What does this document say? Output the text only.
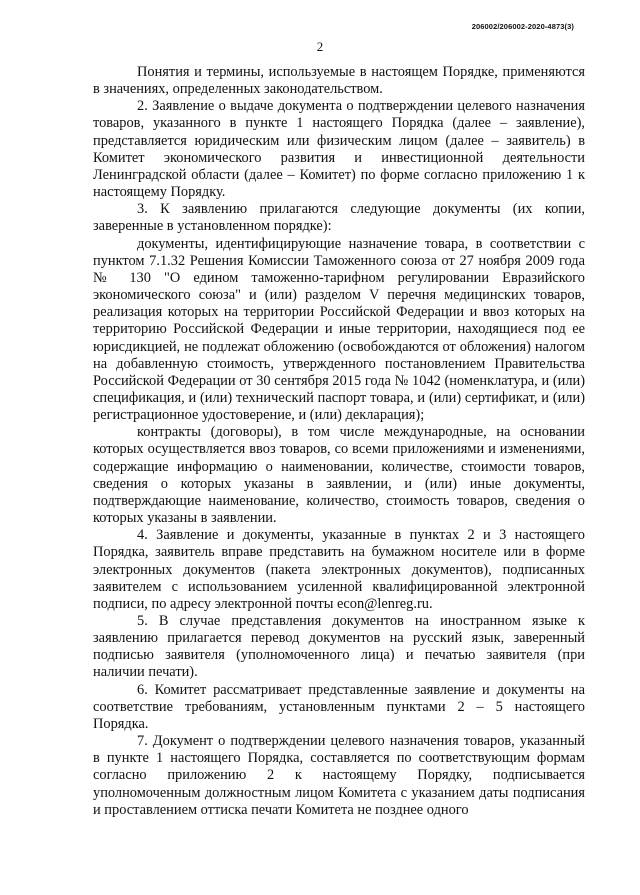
206002/206002-2020-4873(3)
2

Понятия и термины, используемые в настоящем Порядке, применяются в значениях, определенных законодательством.

2. Заявление о выдаче документа о подтверждении целевого назначения товаров, указанного в пункте 1 настоящего Порядка (далее – заявление), представляется юридическим или физическим лицом (далее – заявитель) в Комитет экономического развития и инвестиционной деятельности Ленинградской области (далее – Комитет) по форме согласно приложению 1 к настоящему Порядку.

3. К заявлению прилагаются следующие документы (их копии, заверенные в установленном порядке):

документы, идентифицирующие назначение товара, в соответствии с пунктом 7.1.32 Решения Комиссии Таможенного союза от 27 ноября 2009 года № 130 "О едином таможенно-тарифном регулировании Евразийского экономического союза" и (или) разделом V перечня медицинских товаров, реализация которых на территории Российской Федерации и ввоз которых на территорию Российской Федерации и иные территории, находящиеся под ее юрисдикцией, не подлежат обложению (освобождаются от обложения) налогом на добавленную стоимость, утвержденного постановлением Правительства Российской Федерации от 30 сентября 2015 года № 1042 (номенклатура, и (или) спецификация, и (или) технический паспорт товара, и (или) сертификат, и (или) регистрационное удостоверение, и (или) декларация);

контракты (договоры), в том числе международные, на основании которых осуществляется ввоз товаров, со всеми приложениями и изменениями, содержащие информацию о наименовании, количестве, стоимости товаров, сведения о которых указаны в заявлении, и (или) иные документы, подтверждающие наименование, количество, стоимость товаров, сведения о которых указаны в заявлении.

4. Заявление и документы, указанные в пунктах 2 и 3 настоящего Порядка, заявитель вправе представить на бумажном носителе или в форме электронных документов (пакета электронных документов), подписанных заявителем с использованием усиленной квалифицированной электронной подписи, по адресу электронной почты econ@lenreg.ru.

5. В случае представления документов на иностранном языке к заявлению прилагается перевод документов на русский язык, заверенный подписью заявителя (уполномоченного лица) и печатью заявителя (при наличии печати).

6. Комитет рассматривает представленные заявление и документы на соответствие требованиям, установленным пунктами 2 – 5 настоящего Порядка.

7. Документ о подтверждении целевого назначения товаров, указанный в пункте 1 настоящего Порядка, составляется по соответствующим формам согласно приложению 2 к настоящему Порядку, подписывается уполномоченным должностным лицом Комитета с указанием даты подписания и проставлением оттиска печати Комитета не позднее одного
